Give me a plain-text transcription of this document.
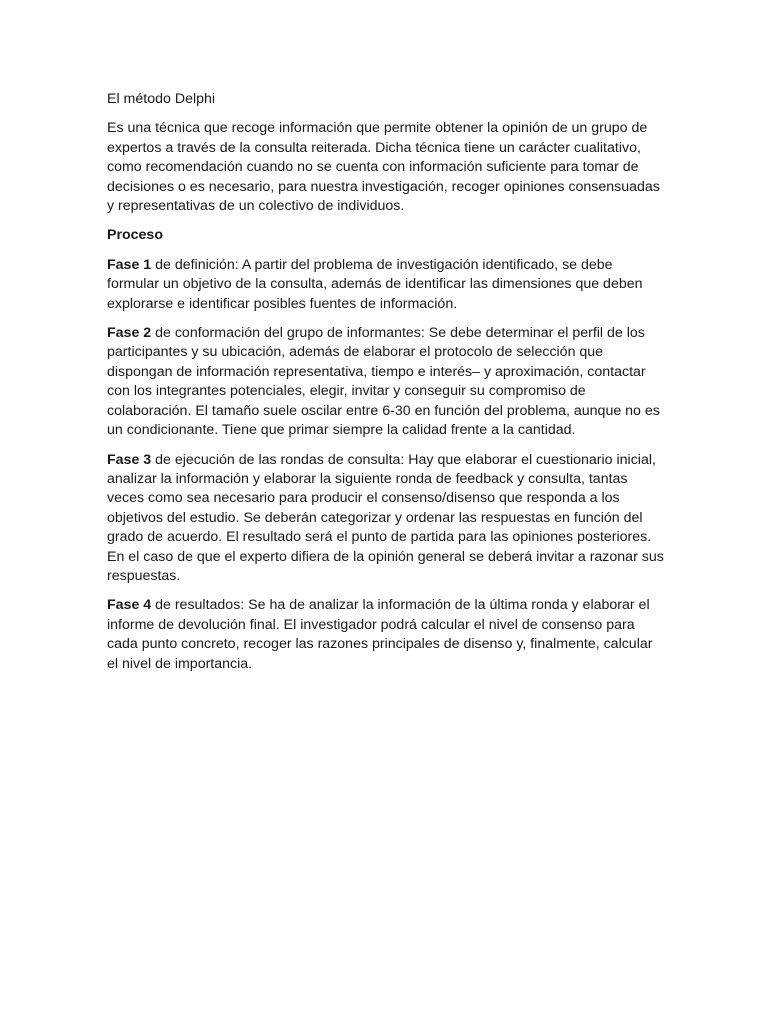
El método Delphi

Es una técnica que recoge información que permite obtener la opinión de un grupo de expertos a través de la consulta reiterada. Dicha técnica tiene un carácter cualitativo, como recomendación cuando no se cuenta con información suficiente para tomar de decisiones o es necesario, para nuestra investigación, recoger opiniones consensuadas y representativas de un colectivo de individuos.

Proceso

Fase 1 de definición: A partir del problema de investigación identificado, se debe formular un objetivo de la consulta, además de identificar las dimensiones que deben explorarse e identificar posibles fuentes de información.

Fase 2 de conformación del grupo de informantes: Se debe determinar el perfil de los participantes y su ubicación, además de elaborar el protocolo de selección que dispongan de información representativa, tiempo e interés– y aproximación, contactar con los integrantes potenciales, elegir, invitar y conseguir su compromiso de colaboración. El tamaño suele oscilar entre 6-30 en función del problema, aunque no es un condicionante. Tiene que primar siempre la calidad frente a la cantidad.

Fase 3 de ejecución de las rondas de consulta: Hay que elaborar el cuestionario inicial, analizar la información y elaborar la siguiente ronda de feedback y consulta, tantas veces como sea necesario para producir el consenso/disenso que responda a los objetivos del estudio. Se deberán categorizar y ordenar las respuestas en función del grado de acuerdo. El resultado será el punto de partida para las opiniones posteriores. En el caso de que el experto difiera de la opinión general se deberá invitar a razonar sus respuestas.

Fase 4 de resultados: Se ha de analizar la información de la última ronda y elaborar el informe de devolución final. El investigador podrá calcular el nivel de consenso para cada punto concreto, recoger las razones principales de disenso y, finalmente, calcular el nivel de importancia.
